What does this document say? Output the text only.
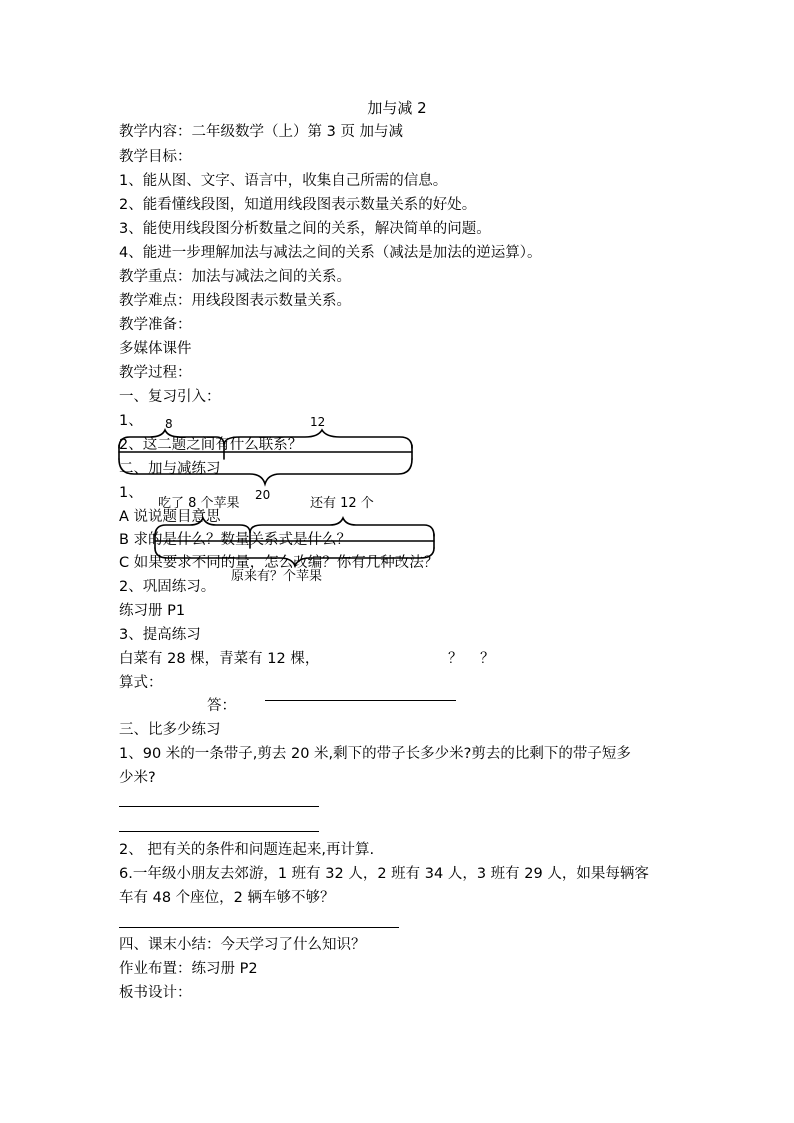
加与减 2
教学内容：二年级数学（上）第 3 页 加与减
教学目标：
1、能从图、文字、语言中，收集自己所需的信息。
2、能看懂线段图，知道用线段图表示数量关系的好处。
3、能使用线段图分析数量之间的关系，解决简单的问题。
4、能进一步理解加法与减法之间的关系（减法是加法的逆运算）。
教学重点：加法与减法之间的关系。
教学难点：用线段图表示数量关系。
教学准备：
多媒体课件
教学过程：
一、复习引入：
1、
2、这二题之间有什么联系？
二、加与减练习
1、
A 说说题目意思
B 求的是什么？数量关系式是什么？
C 如果要求不同的量，怎么改编？你有几种改法？
2、巩固练习。
练习册 P1
3、提高练习
白菜有 28 棵，青菜有 12 棵，	？ ？
算式：
答：
三、比多少练习
1、90 米的一条带子,剪去 20 米,剩下的带子长多少米?剪去的比剩下的带子短多
少米?
2、 把有关的条件和问题连起来,再计算.
6.一年级小朋友去郊游，1 班有 32 人，2 班有 34 人，3 班有 29 人，如果每辆客
车有 48 个座位，2 辆车够不够？
四、课末小结：今天学习了什么知识？
作业布置：练习册 P2
板书设计：
8	12
20
吃了 8 个苹果	还有 12 个
原来有？个苹果
